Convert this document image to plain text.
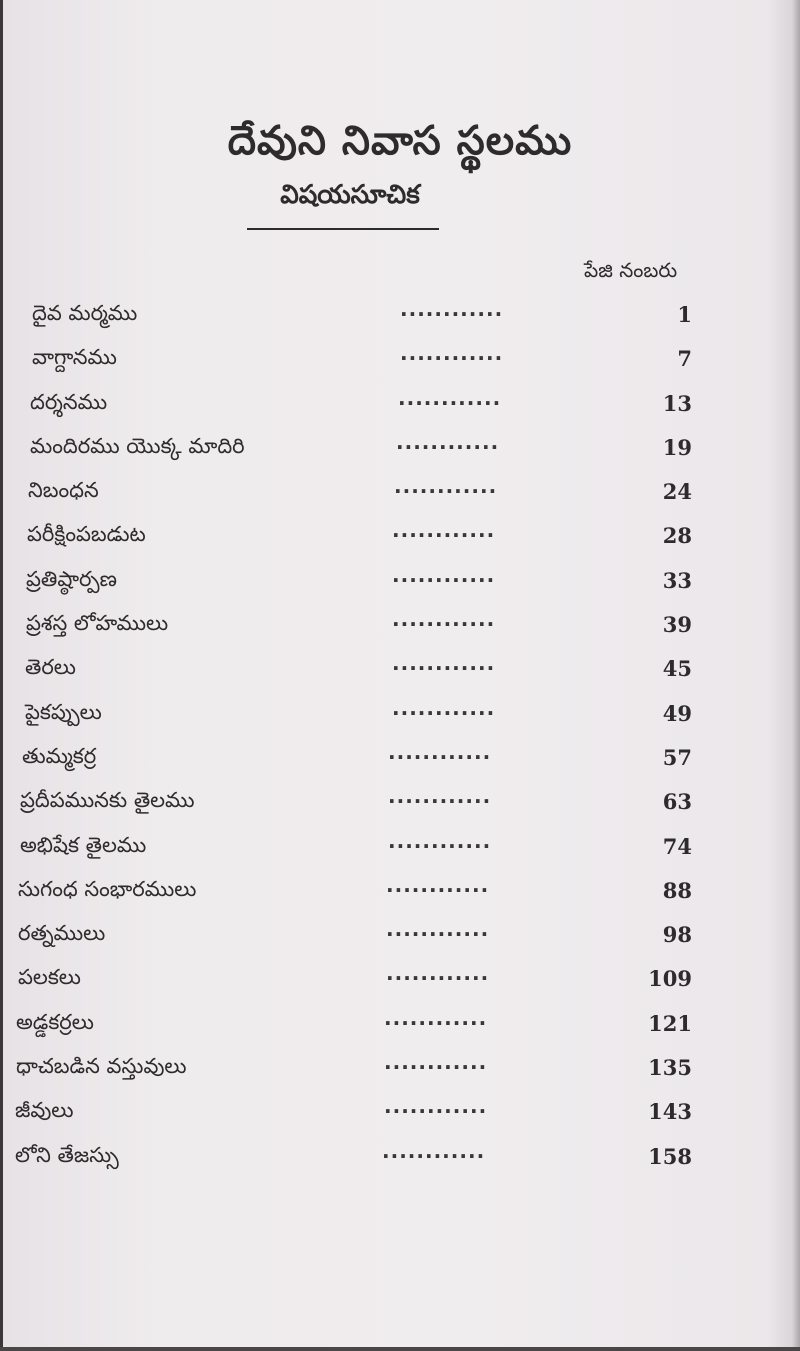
దేవుని నివాస స్థలము
విషయసూచిక
పేజి నంబరు
దైవ మర్మము	............	1
వాగ్దానము	............	7
దర్శనము	............	13
మందిరము యొక్క మాదిరి	............	19
నిబంధన	............	24
పరీక్షింపబడుట	............	28
ప్రతిష్ఠార్పణ	............	33
ప్రశస్త లోహములు	............	39
తెరలు	............	45
పైకప్పులు	............	49
తుమ్మకర్ర	............	57
ప్రదీపమునకు తైలము	............	63
అభిషేక తైలము	............	74
సుగంధ సంభారములు	............	88
రత్నములు	............	98
పలకలు	............	109
అడ్డకర్రలు	............	121
ధాచబడిన వస్తువులు	............	135
జీవులు	............	143
లోని తేజస్సు	............	158
